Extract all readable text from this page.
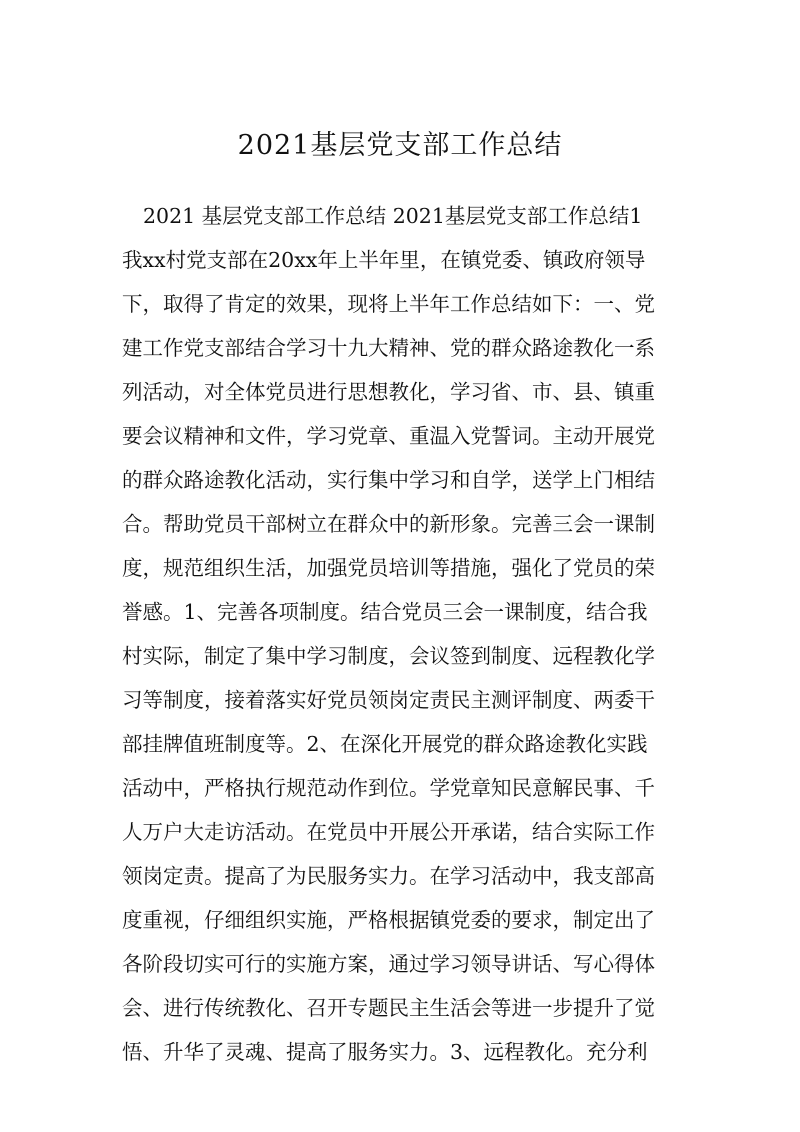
2021基层党支部工作总结
2021 基层党支部工作总结 2021基层党支部工作总结1
我xx村党支部在20xx年上半年里，在镇党委、镇政府领导
下，取得了肯定的效果，现将上半年工作总结如下：一、党
建工作党支部结合学习十九大精神、党的群众路途教化一系
列活动，对全体党员进行思想教化，学习省、市、县、镇重
要会议精神和文件，学习党章、重温入党誓词。主动开展党
的群众路途教化活动，实行集中学习和自学，送学上门相结
合。帮助党员干部树立在群众中的新形象。完善三会一课制
度，规范组织生活，加强党员培训等措施，强化了党员的荣
誉感。1、完善各项制度。结合党员三会一课制度，结合我
村实际，制定了集中学习制度，会议签到制度、远程教化学
习等制度，接着落实好党员领岗定责民主测评制度、两委干
部挂牌值班制度等。2、在深化开展党的群众路途教化实践
活动中，严格执行规范动作到位。学党章知民意解民事、千
人万户大走访活动。在党员中开展公开承诺，结合实际工作
领岗定责。提高了为民服务实力。在学习活动中，我支部高
度重视，仔细组织实施，严格根据镇党委的要求，制定出了
各阶段切实可行的实施方案，通过学习领导讲话、写心得体
会、进行传统教化、召开专题民主生活会等进一步提升了觉
悟、升华了灵魂、提高了服务实力。3、远程教化。充分利
